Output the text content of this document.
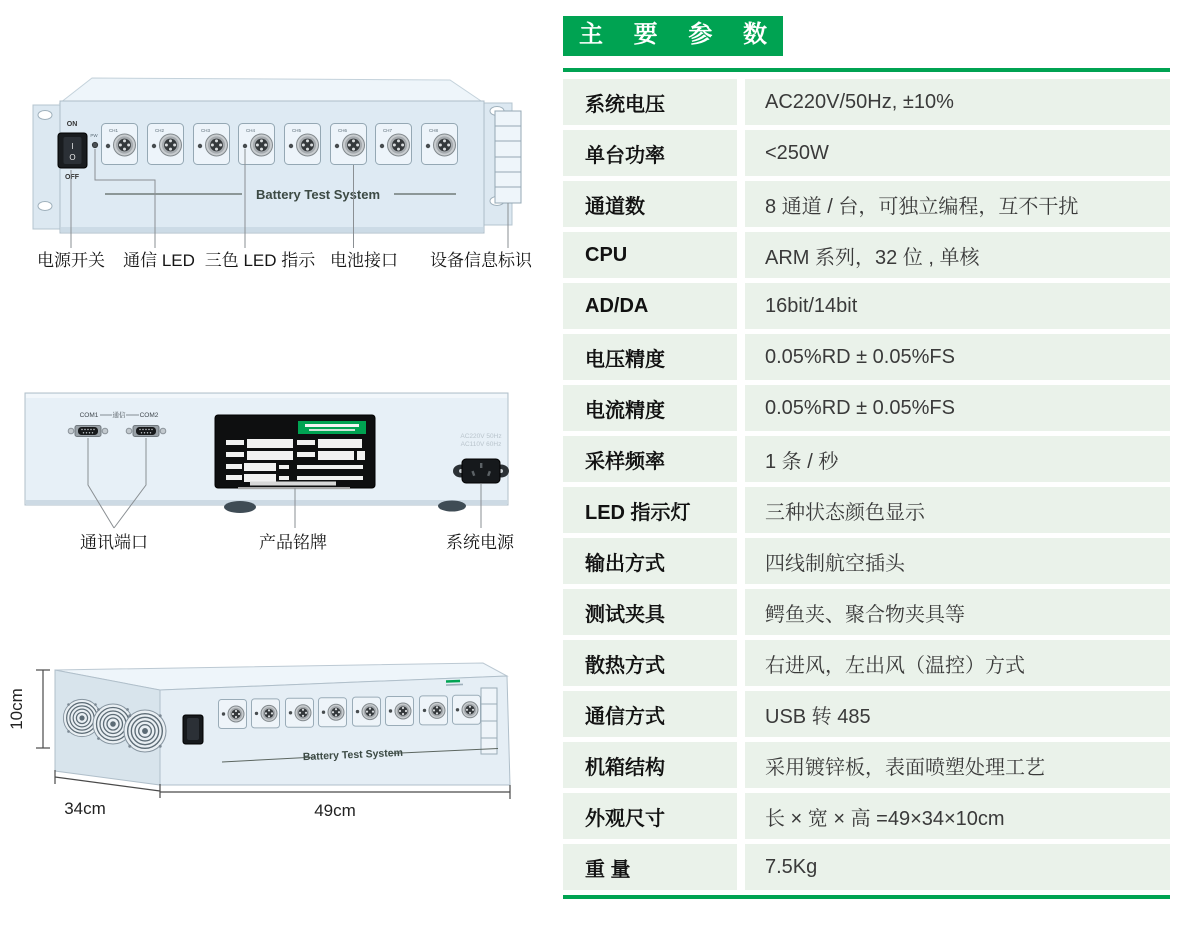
ON
I
O
OFF
PW
CH1	CH2	CH3	CH4	CH5	CH6	CH7	CH8
Battery Test System
电源开关 通信 LED 三色 LED 指示 电池接口 设备信息标识
COM1 通信 COM2
AC220V 50Hz
AC110V 60Hz
通讯端口	产品铭牌	系统电源
Battery Test System
10cm
34cm	49cm
主 要 参 数
系统电压	AC220V/50Hz, ±10%
单台功率	<250W
通道数	8 通道 / 台，可独立编程，互不干扰
CPU	ARM 系列，32 位 , 单核
AD/DA	16bit/14bit
电压精度	0.05%RD ± 0.05%FS
电流精度	0.05%RD ± 0.05%FS
采样频率	1 条 / 秒
LED 指示灯	三种状态颜色显示
输出方式	四线制航空插头
测试夹具	鳄鱼夹、聚合物夹具等
散热方式	右进风，左出风（温控）方式
通信方式	USB 转 485
机箱结构	采用镀锌板，表面喷塑处理工艺
外观尺寸	长 × 宽 × 高 =49×34×10cm
重 量	7.5Kg
